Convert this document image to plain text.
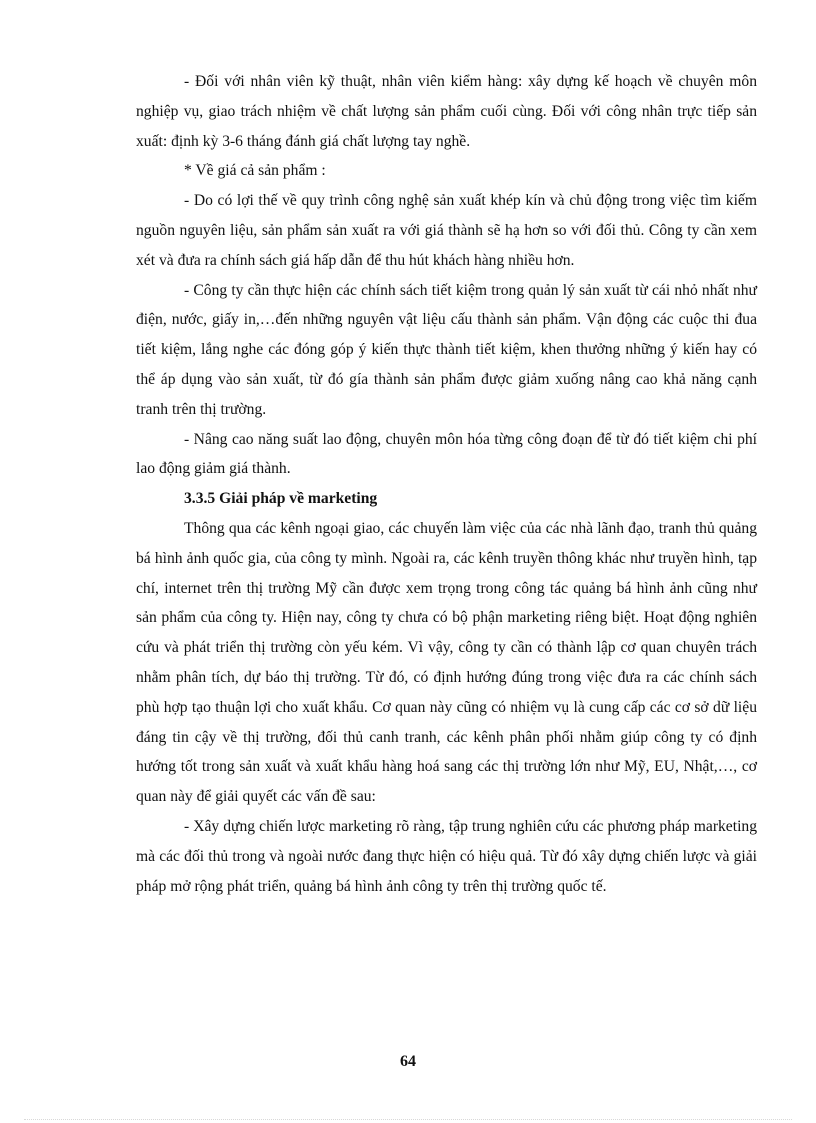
- Đối với nhân viên kỹ thuật, nhân viên kiểm hàng: xây dựng kế hoạch về chuyên môn nghiệp vụ, giao trách nhiệm về chất lượng sản phẩm cuối cùng. Đối với công nhân trực tiếp sản xuất: định kỳ 3-6 tháng đánh giá chất lượng tay nghề.

* Về giá cả sản phẩm :

- Do có lợi thế về quy trình công nghệ sản xuất khép kín và chủ động trong việc tìm kiếm nguồn nguyên liệu, sản phẩm sản xuất ra với giá thành sẽ hạ hơn so với đối thủ. Công ty cần xem xét và đưa ra chính sách giá hấp dẫn để thu hút khách hàng nhiều hơn.

- Công ty cần thực hiện các chính sách tiết kiệm trong quản lý sản xuất từ cái nhỏ nhất như điện, nước, giấy in,…đến những nguyên vật liệu cấu thành sản phẩm. Vận động các cuộc thi đua tiết kiệm, lắng nghe các đóng góp ý kiến thực thành tiết kiệm, khen thưởng những ý kiến hay có thể áp dụng vào sản xuất, từ đó gía thành sản phẩm được giảm xuống nâng cao khả năng cạnh tranh trên thị trường.

- Nâng cao năng suất lao động, chuyên môn hóa từng công đoạn để từ đó tiết kiệm chi phí lao động giảm giá thành.

3.3.5 Giải pháp về marketing

Thông qua các kênh ngoại giao, các chuyến làm việc của các nhà lãnh đạo, tranh thủ quảng bá hình ảnh quốc gia, của công ty mình. Ngoài ra, các kênh truyền thông khác như truyền hình, tạp chí, internet trên thị trường Mỹ cần được xem trọng trong công tác quảng bá hình ảnh cũng như sản phẩm của công ty. Hiện nay, công ty chưa có bộ phận marketing riêng biệt. Hoạt động nghiên cứu và phát triển thị trường còn yếu kém. Vì vậy, công ty cần có thành lập cơ quan chuyên trách nhằm phân tích, dự báo thị trường. Từ đó, có định hướng đúng trong việc đưa ra các chính sách phù hợp tạo thuận lợi cho xuất khẩu. Cơ quan này cũng có nhiệm vụ là cung cấp các cơ sở dữ liệu đáng tin cậy về thị trường, đối thủ canh tranh, các kênh phân phối nhằm giúp công ty có định hướng tốt trong sản xuất và xuất khẩu hàng hoá sang các thị trường lớn như Mỹ, EU, Nhật,…, cơ quan này để giải quyết các vấn đề sau:

- Xây dựng chiến lược marketing rõ ràng, tập trung nghiên cứu các phương pháp marketing mà các đối thủ trong và ngoài nước đang thực hiện có hiệu quả. Từ đó xây dựng chiến lược và giải pháp mở rộng phát triển, quảng bá hình ảnh công ty trên thị trường quốc tế.

64
